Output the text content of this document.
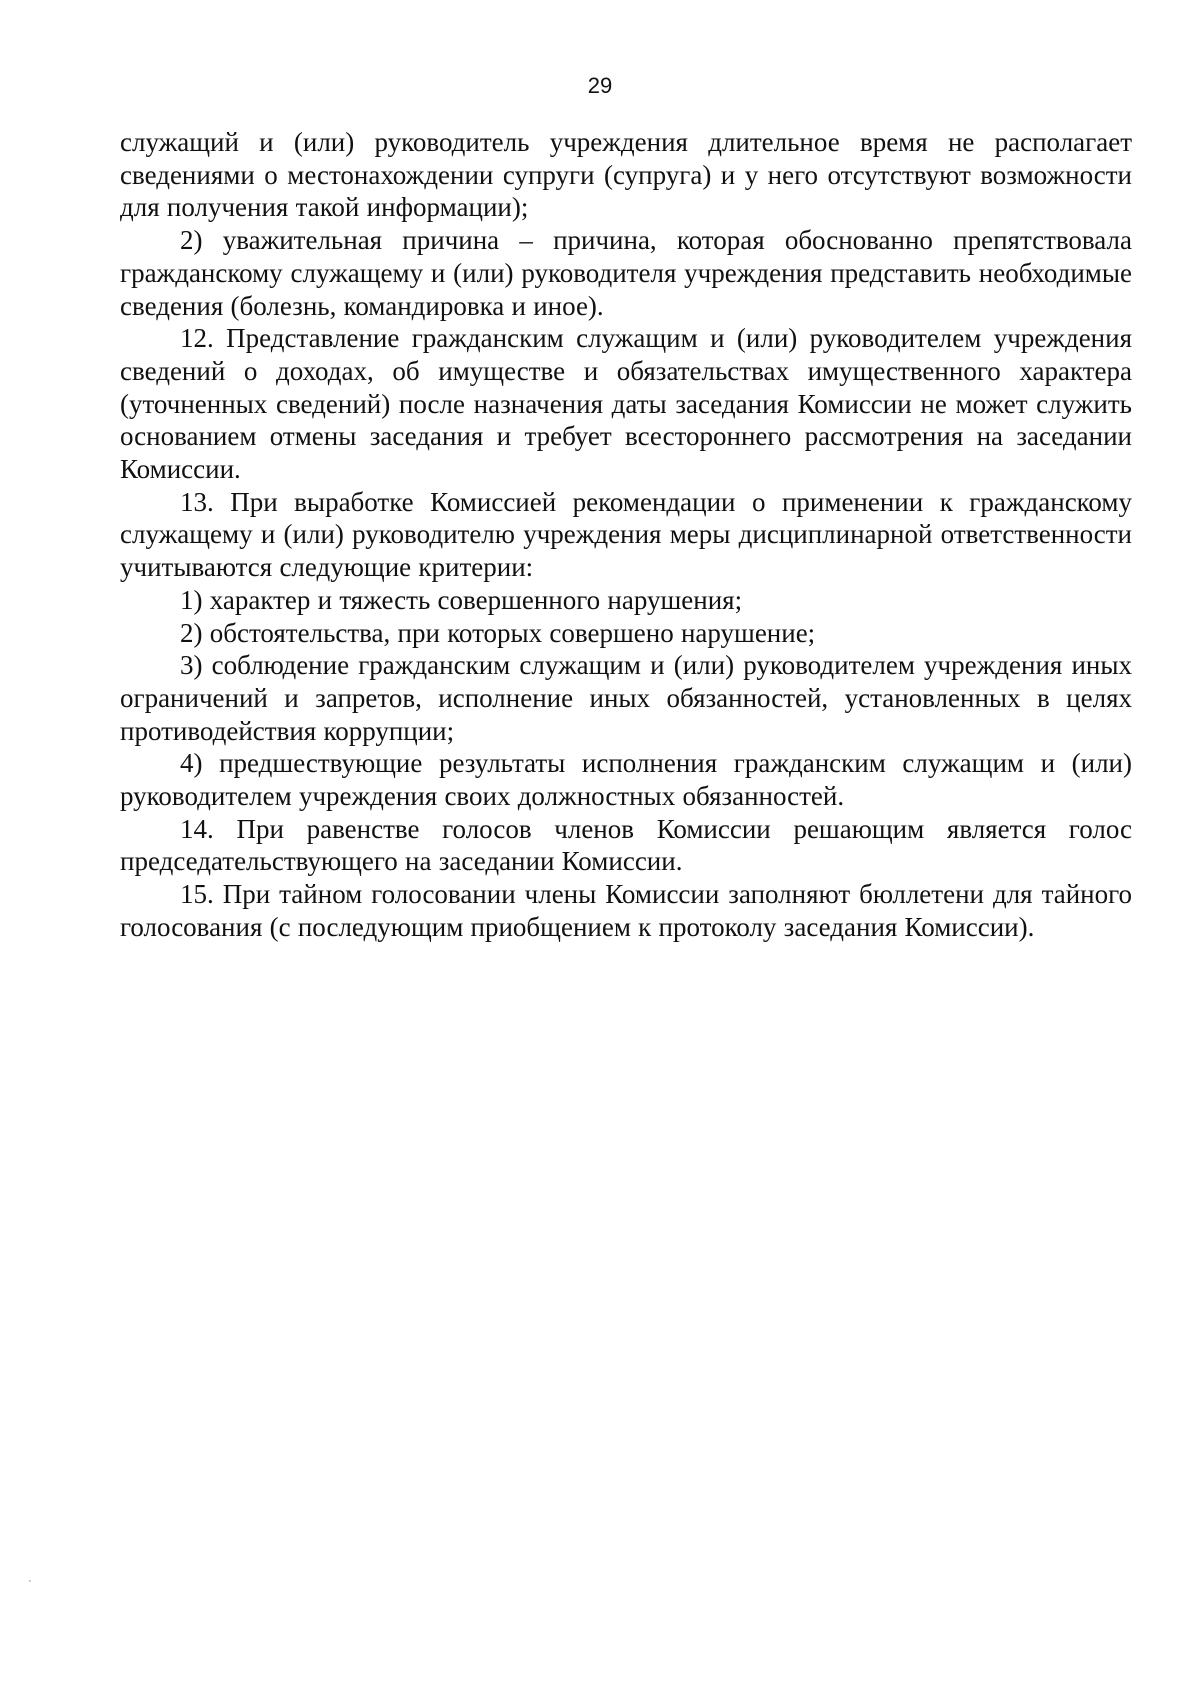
29

служащий и (или) руководитель учреждения длительное время не располагает сведениями о местонахождении супруги (супруга) и у него отсутствуют возможности для получения такой информации);

2) уважительная причина – причина, которая обоснованно препятствовала гражданскому служащему и (или) руководителя учреждения представить необходимые сведения (болезнь, командировка и иное).

12. Представление гражданским служащим и (или) руководителем учреждения сведений о доходах, об имуществе и обязательствах имущественного характера (уточненных сведений) после назначения даты заседания Комиссии не может служить основанием отмены заседания и требует всестороннего рассмотрения на заседании Комиссии.

13. При выработке Комиссией рекомендации о применении к гражданскому служащему и (или) руководителю учреждения меры дисциплинарной ответственности учитываются следующие критерии:

1) характер и тяжесть совершенного нарушения;

2) обстоятельства, при которых совершено нарушение;

3) соблюдение гражданским служащим и (или) руководителем учреждения иных ограничений и запретов, исполнение иных обязанностей, установленных в целях противодействия коррупции;

4) предшествующие результаты исполнения гражданским служащим и (или) руководителем учреждения своих должностных обязанностей.

14. При равенстве голосов членов Комиссии решающим является голос председательствующего на заседании Комиссии.

15. При тайном голосовании члены Комиссии заполняют бюллетени для тайного голосования (с последующим приобщением к протоколу заседания Комиссии).
